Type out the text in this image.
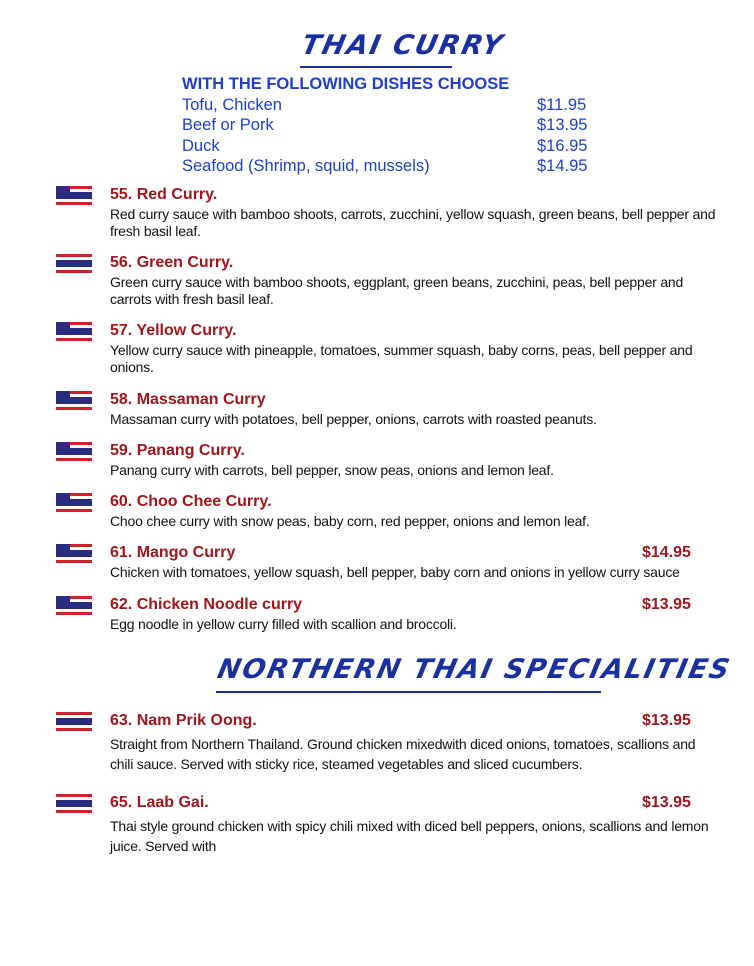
THAI CURRY
WITH THE FOLLOWING DISHES CHOOSE
Tofu, Chicken	$11.95
Beef or Pork	$13.95
Duck	$16.95
Seafood (Shrimp, squid, mussels)	$14.95
55. Red Curry.
Red curry sauce with bamboo shoots, carrots, zucchini, yellow squash, green beans, bell pepper and fresh basil leaf.
56. Green Curry.
Green curry sauce with bamboo shoots, eggplant, green beans, zucchini, peas, bell pepper and carrots with fresh basil leaf.
57. Yellow Curry.
Yellow curry sauce with pineapple, tomatoes, summer squash, baby corns, peas, bell pepper and onions.
58. Massaman Curry
Massaman curry with potatoes, bell pepper, onions, carrots with roasted peanuts.
59. Panang Curry.
Panang curry with carrots, bell pepper, snow peas, onions and lemon leaf.
60. Choo Chee Curry.
Choo chee curry with snow peas, baby corn, red pepper, onions and lemon leaf.
61. Mango Curry	$14.95
Chicken with tomatoes, yellow squash, bell pepper, baby corn and onions in yellow curry sauce
62. Chicken Noodle curry	$13.95
Egg noodle in yellow curry filled with scallion and broccoli.
NORTHERN THAI SPECIALITIES
63. Nam Prik Oong.	$13.95
Straight from Northern Thailand. Ground chicken mixedwith diced onions, tomatoes, scallions and chili sauce. Served with sticky rice, steamed vegetables and sliced cucumbers.
65. Laab Gai.	$13.95
Thai style ground chicken with spicy chili mixed with diced bell peppers, onions, scallions and lemon juice. Served with
